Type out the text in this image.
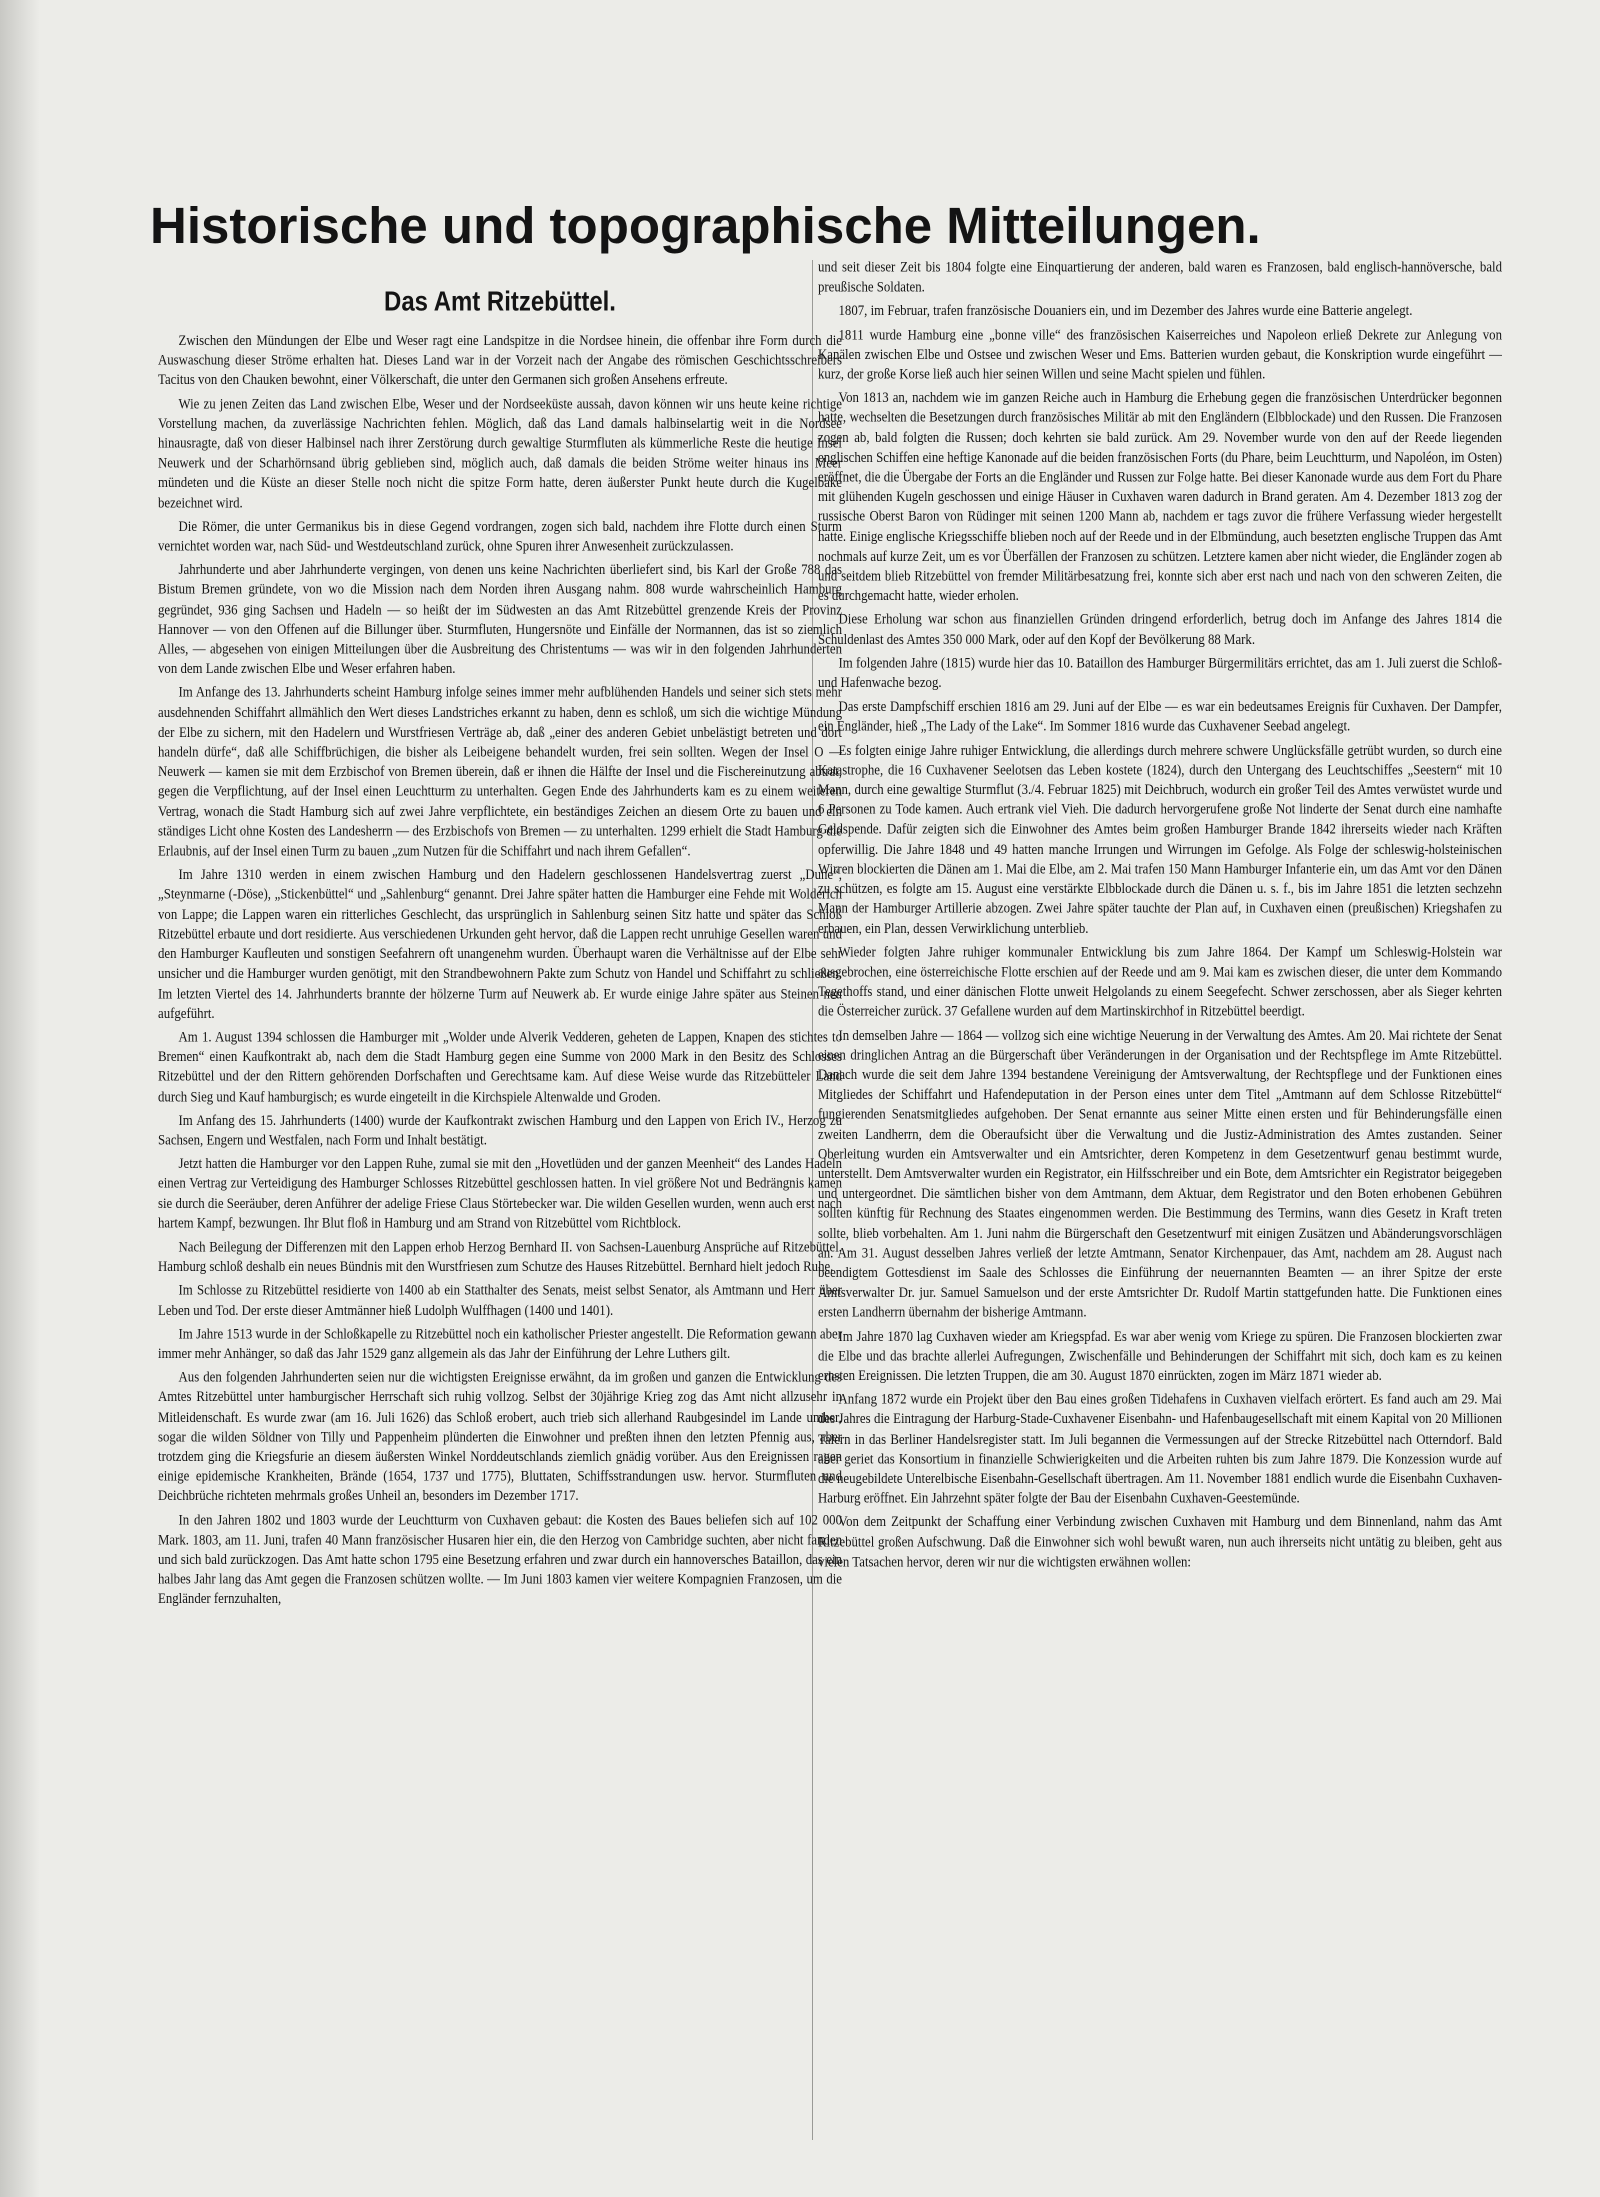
Historische und topographische Mitteilungen.
Das Amt Ritzebüttel.

Zwischen den Mündungen der Elbe und Weser ragt eine Landspitze in die Nordsee hinein, die offenbar ihre Form durch die Auswaschung dieser Ströme erhalten hat. Dieses Land war in der Vorzeit nach der Angabe des römischen Geschichtsschreibers Tacitus von den Chauken bewohnt, einer Völkerschaft, die unter den Germanen sich großen Ansehens erfreute.

Wie zu jenen Zeiten das Land zwischen Elbe, Weser und der Nordseeküste aussah, davon können wir uns heute keine richtige Vorstellung machen, da zuverlässige Nachrichten fehlen. Möglich, daß das Land damals halbinselartig weit in die Nordsee hinausragte, daß von dieser Halbinsel nach ihrer Zerstörung durch gewaltige Sturmfluten als kümmerliche Reste die heutige Insel Neuwerk und der Scharhörnsand übrig geblieben sind, möglich auch, daß damals die beiden Ströme weiter hinaus ins Meer mündeten und die Küste an dieser Stelle noch nicht die spitze Form hatte, deren äußerster Punkt heute durch die Kugelbake bezeichnet wird.

Die Römer, die unter Germanikus bis in diese Gegend vordrangen, zogen sich bald, nachdem ihre Flotte durch einen Sturm vernichtet worden war, nach Süd- und Westdeutschland zurück, ohne Spuren ihrer Anwesenheit zurückzulassen.

Jahrhunderte und aber Jahrhunderte vergingen, von denen uns keine Nachrichten überliefert sind, bis Karl der Große 788 das Bistum Bremen gründete, von wo die Mission nach dem Norden ihren Ausgang nahm. 808 wurde wahrscheinlich Hamburg gegründet, 936 ging Sachsen und Hadeln — so heißt der im Südwesten an das Amt Ritzebüttel grenzende Kreis der Provinz Hannover — von den Offenen auf die Billunger über. Sturmfluten, Hungersnöte und Einfälle der Normannen, das ist so ziemlich Alles, — abgesehen von einigen Mitteilungen über die Ausbreitung des Christentums — was wir in den folgenden Jahrhunderten von dem Lande zwischen Elbe und Weser erfahren haben.

Im Anfange des 13. Jahrhunderts scheint Hamburg infolge seines immer mehr aufblühenden Handels und seiner sich stets mehr ausdehnenden Schiffahrt allmählich den Wert dieses Landstriches erkannt zu haben, denn es schloß, um sich die wichtige Mündung der Elbe zu sichern, mit den Hadelern und Wurstfriesen Verträge ab, daß „einer des anderen Gebiet unbelästigt betreten und dort handeln dürfe“, daß alle Schiffbrüchigen, die bisher als Leibeigene behandelt wurden, frei sein sollten. Wegen der Insel O — Neuwerk — kamen sie mit dem Erzbischof von Bremen überein, daß er ihnen die Hälfte der Insel und die Fischereinutzung abtrat, gegen die Verpflichtung, auf der Insel einen Leuchtturm zu unterhalten. Gegen Ende des Jahrhunderts kam es zu einem weiteren Vertrag, wonach die Stadt Hamburg sich auf zwei Jahre verpflichtete, ein beständiges Zeichen an diesem Orte zu bauen und ein ständiges Licht ohne Kosten des Landesherrn — des Erzbischofs von Bremen — zu unterhalten. 1299 erhielt die Stadt Hamburg die Erlaubnis, auf der Insel einen Turm zu bauen „zum Nutzen für die Schiffahrt und nach ihrem Gefallen“.

Im Jahre 1310 werden in einem zwischen Hamburg und den Hadelern geschlossenen Handelsvertrag zuerst „Dune“, „Steynmarne (-Döse), „Stickenbüttel“ und „Sahlenburg“ genannt. Drei Jahre später hatten die Hamburger eine Fehde mit Wolderich von Lappe; die Lappen waren ein ritterliches Geschlecht, das ursprünglich in Sahlenburg seinen Sitz hatte und später das Schloß Ritzebüttel erbaute und dort residierte. Aus verschiedenen Urkunden geht hervor, daß die Lappen recht unruhige Gesellen waren und den Hamburger Kaufleuten und sonstigen Seefahrern oft unangenehm wurden. Überhaupt waren die Verhältnisse auf der Elbe sehr unsicher und die Hamburger wurden genötigt, mit den Strandbewohnern Pakte zum Schutz von Handel und Schiffahrt zu schließen. Im letzten Viertel des 14. Jahrhunderts brannte der hölzerne Turm auf Neuwerk ab. Er wurde einige Jahre später aus Steinen neu aufgeführt.

Am 1. August 1394 schlossen die Hamburger mit „Wolder unde Alverik Vedderen, geheten de Lappen, Knapen des stichtes to Bremen“ einen Kaufkontrakt ab, nach dem die Stadt Hamburg gegen eine Summe von 2000 Mark in den Besitz des Schlosses Ritzebüttel und der den Rittern gehörenden Dorfschaften und Gerechtsame kam. Auf diese Weise wurde das Ritzebütteler Land durch Sieg und Kauf hamburgisch; es wurde eingeteilt in die Kirchspiele Altenwalde und Groden.

Im Anfang des 15. Jahrhunderts (1400) wurde der Kaufkontrakt zwischen Hamburg und den Lappen von Erich IV., Herzog zu Sachsen, Engern und Westfalen, nach Form und Inhalt bestätigt.

Jetzt hatten die Hamburger vor den Lappen Ruhe, zumal sie mit den „Hovetlüden und der ganzen Meenheit“ des Landes Hadeln einen Vertrag zur Verteidigung des Hamburger Schlosses Ritzebüttel geschlossen hatten. In viel größere Not und Bedrängnis kamen sie durch die Seeräuber, deren Anführer der adelige Friese Claus Störtebecker war. Die wilden Gesellen wurden, wenn auch erst nach hartem Kampf, bezwungen. Ihr Blut floß in Hamburg und am Strand von Ritzebüttel vom Richtblock.

Nach Beilegung der Differenzen mit den Lappen erhob Herzog Bernhard II. von Sachsen-Lauenburg Ansprüche auf Ritzebüttel. Hamburg schloß deshalb ein neues Bündnis mit den Wurstfriesen zum Schutze des Hauses Ritzebüttel. Bernhard hielt jedoch Ruhe.

Im Schlosse zu Ritzebüttel residierte von 1400 ab ein Statthalter des Senats, meist selbst Senator, als Amtmann und Herr über Leben und Tod. Der erste dieser Amtmänner hieß Ludolph Wulffhagen (1400 und 1401).

Im Jahre 1513 wurde in der Schloßkapelle zu Ritzebüttel noch ein katholischer Priester angestellt. Die Reformation gewann aber immer mehr Anhänger, so daß das Jahr 1529 ganz allgemein als das Jahr der Einführung der Lehre Luthers gilt.

Aus den folgenden Jahrhunderten seien nur die wichtigsten Ereignisse erwähnt, da im großen und ganzen die Entwicklung des Amtes Ritzebüttel unter hamburgischer Herrschaft sich ruhig vollzog. Selbst der 30jährige Krieg zog das Amt nicht allzusehr in Mitleidenschaft. Es wurde zwar (am 16. Juli 1626) das Schloß erobert, auch trieb sich allerhand Raubgesindel im Lande umher, sogar die wilden Söldner von Tilly und Pappenheim plünderten die Einwohner und preßten ihnen den letzten Pfennig aus, aber trotzdem ging die Kriegsfurie an diesem äußersten Winkel Norddeutschlands ziemlich gnädig vorüber. Aus den Ereignissen ragen einige epidemische Krankheiten, Brände (1654, 1737 und 1775), Bluttaten, Schiffsstrandungen usw. hervor. Sturmfluten und Deichbrüche richteten mehrmals großes Unheil an, besonders im Dezember 1717.

In den Jahren 1802 und 1803 wurde der Leuchtturm von Cuxhaven gebaut: die Kosten des Baues beliefen sich auf 102 000 Mark. 1803, am 11. Juni, trafen 40 Mann französischer Husaren hier ein, die den Herzog von Cambridge suchten, aber nicht fanden und sich bald zurückzogen. Das Amt hatte schon 1795 eine Besetzung erfahren und zwar durch ein hannoversches Bataillon, das ein halbes Jahr lang das Amt gegen die Franzosen schützen wollte. — Im Juni 1803 kamen vier weitere Kompagnien Franzosen, um die Engländer fernzuhalten,

und seit dieser Zeit bis 1804 folgte eine Einquartierung der anderen, bald waren es Franzosen, bald englisch-hannöversche, bald preußische Soldaten.

1807, im Februar, trafen französische Douaniers ein, und im Dezember des Jahres wurde eine Batterie angelegt.

1811 wurde Hamburg eine „bonne ville“ des französischen Kaiserreiches und Napoleon erließ Dekrete zur Anlegung von Kanälen zwischen Elbe und Ostsee und zwischen Weser und Ems. Batterien wurden gebaut, die Konskription wurde eingeführt — kurz, der große Korse ließ auch hier seinen Willen und seine Macht spielen und fühlen.

Von 1813 an, nachdem wie im ganzen Reiche auch in Hamburg die Erhebung gegen die französischen Unterdrücker begonnen hatte, wechselten die Besetzungen durch französisches Militär ab mit den Engländern (Elbblockade) und den Russen. Die Franzosen zogen ab, bald folgten die Russen; doch kehrten sie bald zurück. Am 29. November wurde von den auf der Reede liegenden englischen Schiffen eine heftige Kanonade auf die beiden französischen Forts (du Phare, beim Leuchtturm, und Napoléon, im Osten) eröffnet, die die Übergabe der Forts an die Engländer und Russen zur Folge hatte. Bei dieser Kanonade wurde aus dem Fort du Phare mit glühenden Kugeln geschossen und einige Häuser in Cuxhaven waren dadurch in Brand geraten. Am 4. Dezember 1813 zog der russische Oberst Baron von Rüdinger mit seinen 1200 Mann ab, nachdem er tags zuvor die frühere Verfassung wieder hergestellt hatte. Einige englische Kriegsschiffe blieben noch auf der Reede und in der Elbmündung, auch besetzten englische Truppen das Amt nochmals auf kurze Zeit, um es vor Überfällen der Franzosen zu schützen. Letztere kamen aber nicht wieder, die Engländer zogen ab und seitdem blieb Ritzebüttel von fremder Militärbesatzung frei, konnte sich aber erst nach und nach von den schweren Zeiten, die es durchgemacht hatte, wieder erholen.

Diese Erholung war schon aus finanziellen Gründen dringend erforderlich, betrug doch im Anfange des Jahres 1814 die Schuldenlast des Amtes 350 000 Mark, oder auf den Kopf der Bevölkerung 88 Mark.

Im folgenden Jahre (1815) wurde hier das 10. Bataillon des Hamburger Bürgermilitärs errichtet, das am 1. Juli zuerst die Schloß- und Hafenwache bezog.

Das erste Dampfschiff erschien 1816 am 29. Juni auf der Elbe — es war ein bedeutsames Ereignis für Cuxhaven. Der Dampfer, ein Engländer, hieß „The Lady of the Lake“. Im Sommer 1816 wurde das Cuxhavener Seebad angelegt.

Es folgten einige Jahre ruhiger Entwicklung, die allerdings durch mehrere schwere Unglücksfälle getrübt wurden, so durch eine Katastrophe, die 16 Cuxhavener Seelotsen das Leben kostete (1824), durch den Untergang des Leuchtschiffes „Seestern“ mit 10 Mann, durch eine gewaltige Sturmflut (3./4. Februar 1825) mit Deichbruch, wodurch ein großer Teil des Amtes verwüstet wurde und 6 Personen zu Tode kamen. Auch ertrank viel Vieh. Die dadurch hervorgerufene große Not linderte der Senat durch eine namhafte Geldspende. Dafür zeigten sich die Einwohner des Amtes beim großen Hamburger Brande 1842 ihrerseits wieder nach Kräften opferwillig. Die Jahre 1848 und 49 hatten manche Irrungen und Wirrungen im Gefolge. Als Folge der schleswig-holsteinischen Wirren blockierten die Dänen am 1. Mai die Elbe, am 2. Mai trafen 150 Mann Hamburger Infanterie ein, um das Amt vor den Dänen zu schützen, es folgte am 15. August eine verstärkte Elbblockade durch die Dänen u. s. f., bis im Jahre 1851 die letzten sechzehn Mann der Hamburger Artillerie abzogen. Zwei Jahre später tauchte der Plan auf, in Cuxhaven einen (preußischen) Kriegshafen zu erbauen, ein Plan, dessen Verwirklichung unterblieb.

Wieder folgten Jahre ruhiger kommunaler Entwicklung bis zum Jahre 1864. Der Kampf um Schleswig-Holstein war ausgebrochen, eine österreichische Flotte erschien auf der Reede und am 9. Mai kam es zwischen dieser, die unter dem Kommando Tegethoffs stand, und einer dänischen Flotte unweit Helgolands zu einem Seegefecht. Schwer zerschossen, aber als Sieger kehrten die Österreicher zurück. 37 Gefallene wurden auf dem Martinskirchhof in Ritzebüttel beerdigt.

In demselben Jahre — 1864 — vollzog sich eine wichtige Neuerung in der Verwaltung des Amtes. Am 20. Mai richtete der Senat einen dringlichen Antrag an die Bürgerschaft über Veränderungen in der Organisation und der Rechtspflege im Amte Ritzebüttel. Danach wurde die seit dem Jahre 1394 bestandene Vereinigung der Amtsverwaltung, der Rechtspflege und der Funktionen eines Mitgliedes der Schiffahrt und Hafendeputation in der Person eines unter dem Titel „Amtmann auf dem Schlosse Ritzebüttel“ fungierenden Senatsmitgliedes aufgehoben. Der Senat ernannte aus seiner Mitte einen ersten und für Behinderungsfälle einen zweiten Landherrn, dem die Oberaufsicht über die Verwaltung und die Justiz-Administration des Amtes zustanden. Seiner Oberleitung wurden ein Amtsverwalter und ein Amtsrichter, deren Kompetenz in dem Gesetzentwurf genau bestimmt wurde, unterstellt. Dem Amtsverwalter wurden ein Registrator, ein Hilfsschreiber und ein Bote, dem Amtsrichter ein Registrator beigegeben und untergeordnet. Die sämtlichen bisher von dem Amtmann, dem Aktuar, dem Registrator und den Boten erhobenen Gebühren sollten künftig für Rechnung des Staates eingenommen werden. Die Bestimmung des Termins, wann dies Gesetz in Kraft treten sollte, blieb vorbehalten. Am 1. Juni nahm die Bürgerschaft den Gesetzentwurf mit einigen Zusätzen und Abänderungsvorschlägen an. Am 31. August desselben Jahres verließ der letzte Amtmann, Senator Kirchenpauer, das Amt, nachdem am 28. August nach beendigtem Gottesdienst im Saale des Schlosses die Einführung der neuernannten Beamten — an ihrer Spitze der erste Amtsverwalter Dr. jur. Samuel Samuelson und der erste Amtsrichter Dr. Rudolf Martin stattgefunden hatte. Die Funktionen eines ersten Landherrn übernahm der bisherige Amtmann.

Im Jahre 1870 lag Cuxhaven wieder am Kriegspfad. Es war aber wenig vom Kriege zu spüren. Die Franzosen blockierten zwar die Elbe und das brachte allerlei Aufregungen, Zwischenfälle und Behinderungen der Schiffahrt mit sich, doch kam es zu keinen ernsten Ereignissen. Die letzten Truppen, die am 30. August 1870 einrückten, zogen im März 1871 wieder ab.

Anfang 1872 wurde ein Projekt über den Bau eines großen Tidehafens in Cuxhaven vielfach erörtert. Es fand auch am 29. Mai des Jahres die Eintragung der Harburg-Stade-Cuxhavener Eisenbahn- und Hafenbaugesellschaft mit einem Kapital von 20 Millionen Talern in das Berliner Handelsregister statt. Im Juli begannen die Vermessungen auf der Strecke Ritzebüttel nach Otterndorf. Bald aber geriet das Konsortium in finanzielle Schwierigkeiten und die Arbeiten ruhten bis zum Jahre 1879. Die Konzession wurde auf die neugebildete Unterelbische Eisenbahn-Gesellschaft übertragen. Am 11. November 1881 endlich wurde die Eisenbahn Cuxhaven-Harburg eröffnet. Ein Jahrzehnt später folgte der Bau der Eisenbahn Cuxhaven-Geestemünde.

Von dem Zeitpunkt der Schaffung einer Verbindung zwischen Cuxhaven mit Hamburg und dem Binnenland, nahm das Amt Ritzebüttel großen Aufschwung. Daß die Einwohner sich wohl bewußt waren, nun auch ihrerseits nicht untätig zu bleiben, geht aus vielen Tatsachen hervor, deren wir nur die wichtigsten erwähnen wollen:
